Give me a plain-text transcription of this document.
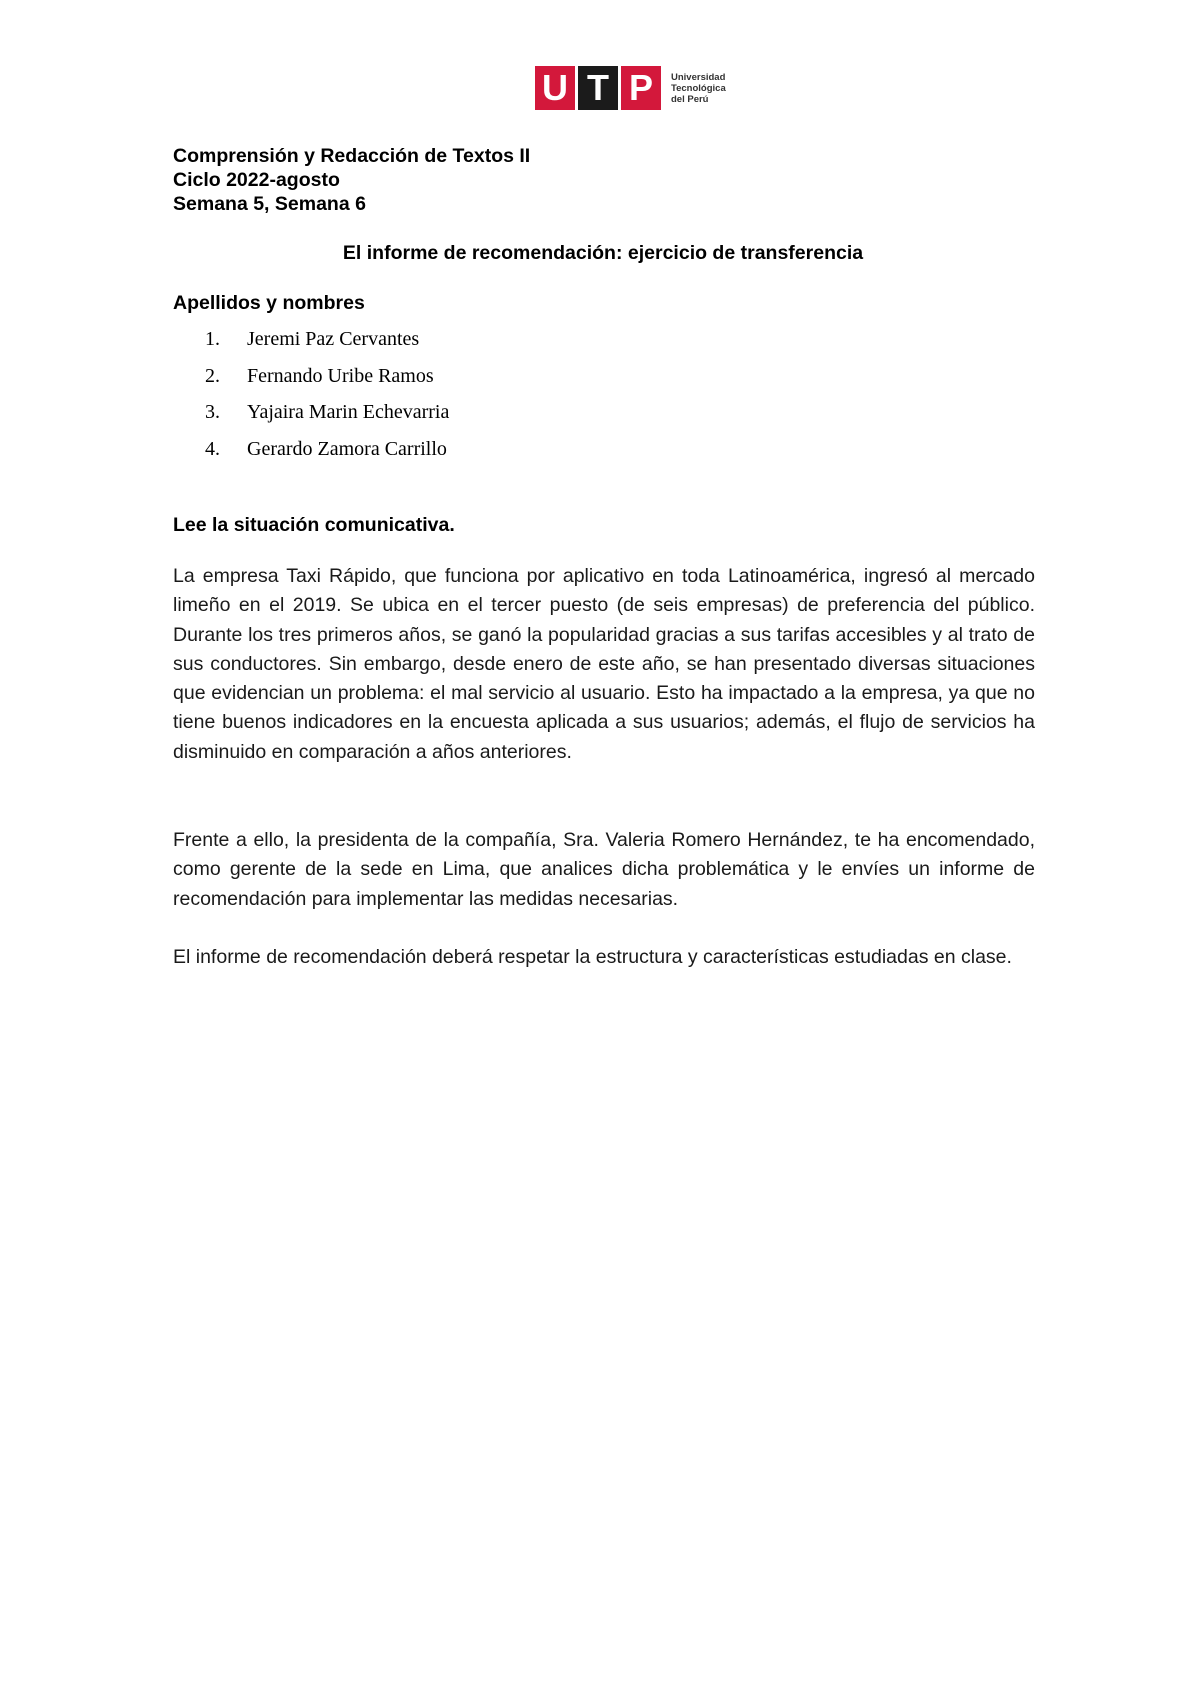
U T P	Universidad
Tecnológica
del Perú
Comprensión y Redacción de Textos II
Ciclo 2022-agosto
Semana 5, Semana 6
El informe de recomendación: ejercicio de transferencia
Apellidos y nombres
1.	Jeremi Paz Cervantes
2.	Fernando Uribe Ramos
3.	Yajaira Marin Echevarria
4.	Gerardo Zamora Carrillo
Lee la situación comunicativa.

La empresa Taxi Rápido, que funciona por aplicativo en toda Latinoamérica, ingresó al mercado limeño en el 2019. Se ubica en el tercer puesto (de seis empresas) de preferencia del público. Durante los tres primeros años, se ganó la popularidad gracias a sus tarifas accesibles y al trato de sus conductores. Sin embargo, desde enero de este año, se han presentado diversas situaciones que evidencian un problema: el mal servicio al usuario. Esto ha impactado a la empresa, ya que no tiene buenos indicadores en la encuesta aplicada a sus usuarios; además, el flujo de servicios ha disminuido en comparación a años anteriores.

Frente a ello, la presidenta de la compañía, Sra. Valeria Romero Hernández, te ha encomendado, como gerente de la sede en Lima, que analices dicha problemática y le envíes un informe de recomendación para implementar las medidas necesarias.

El informe de recomendación deberá respetar la estructura y características estudiadas en clase.
